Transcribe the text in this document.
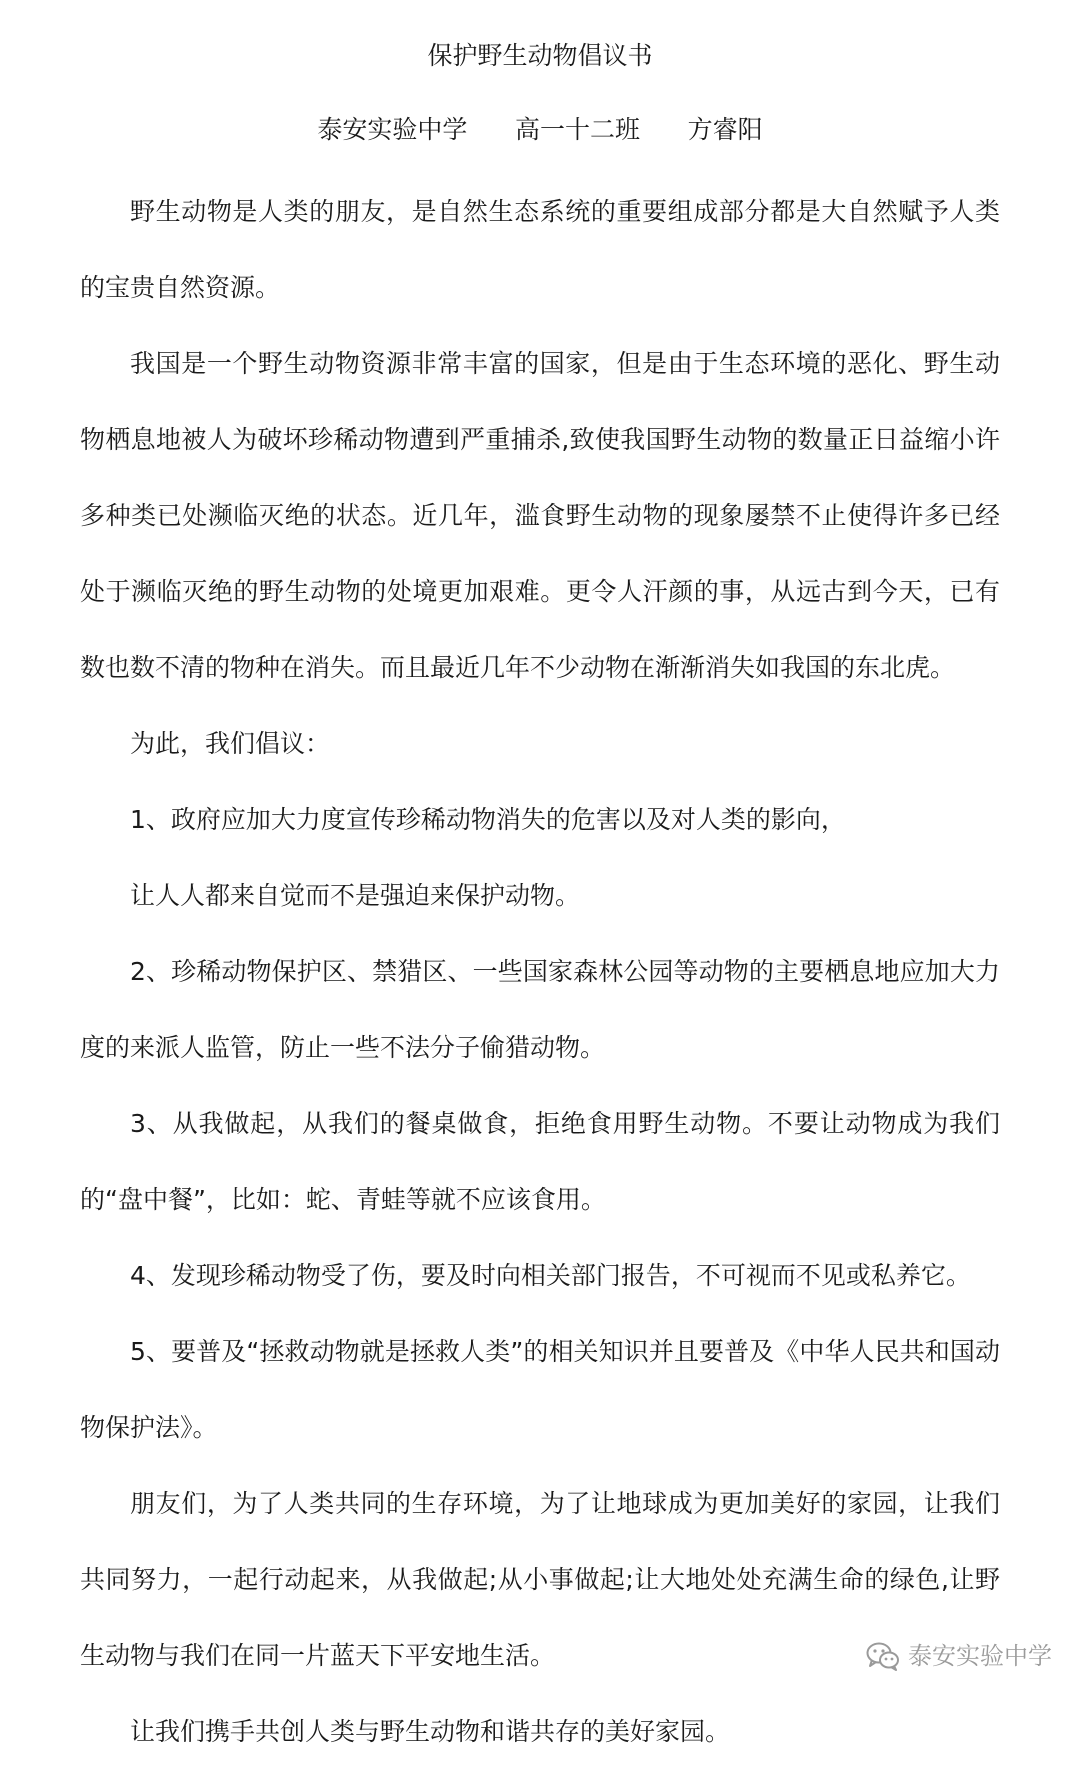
保护野生动物倡议书
泰安实验中学      高一十二班      方睿阳

野生动物是人类的朋友，是自然生态系统的重要组成部分都是大自然赋予人类的宝贵自然资源。

我国是一个野生动物资源非常丰富的国家，但是由于生态环境的恶化、野生动物栖息地被人为破坏珍稀动物遭到严重捕杀,致使我国野生动物的数量正日益缩小许多种类已处濒临灭绝的状态。近几年，滥食野生动物的现象屡禁不止使得许多已经处于濒临灭绝的野生动物的处境更加艰难。更令人汗颜的事，从远古到今天，已有数也数不清的物种在消失。而且最近几年不少动物在渐渐消失如我国的东北虎。

为此，我们倡议：

1、政府应加大力度宣传珍稀动物消失的危害以及对人类的影向，

让人人都来自觉而不是强迫来保护动物。

2、珍稀动物保护区、禁猎区、一些国家森林公园等动物的主要栖息地应加大力度的来派人监管，防止一些不法分子偷猎动物。

3、从我做起，从我们的餐桌做食，拒绝食用野生动物。不要让动物成为我们的“盘中餐”，比如：蛇、青蛙等就不应该食用。

4、发现珍稀动物受了伤，要及时向相关部门报告，不可视而不见或私养它。

5、要普及“拯救动物就是拯救人类”的相关知识并且要普及《中华人民共和国动物保护法》。

朋友们，为了人类共同的生存环境，为了让地球成为更加美好的家园，让我们共同努力，一起行动起来，从我做起;从小事做起;让大地处处充满生命的绿色,让野生动物与我们在同一片蓝天下平安地生活。

让我们携手共创人类与野生动物和谐共存的美好家园。

泰安实验中学
